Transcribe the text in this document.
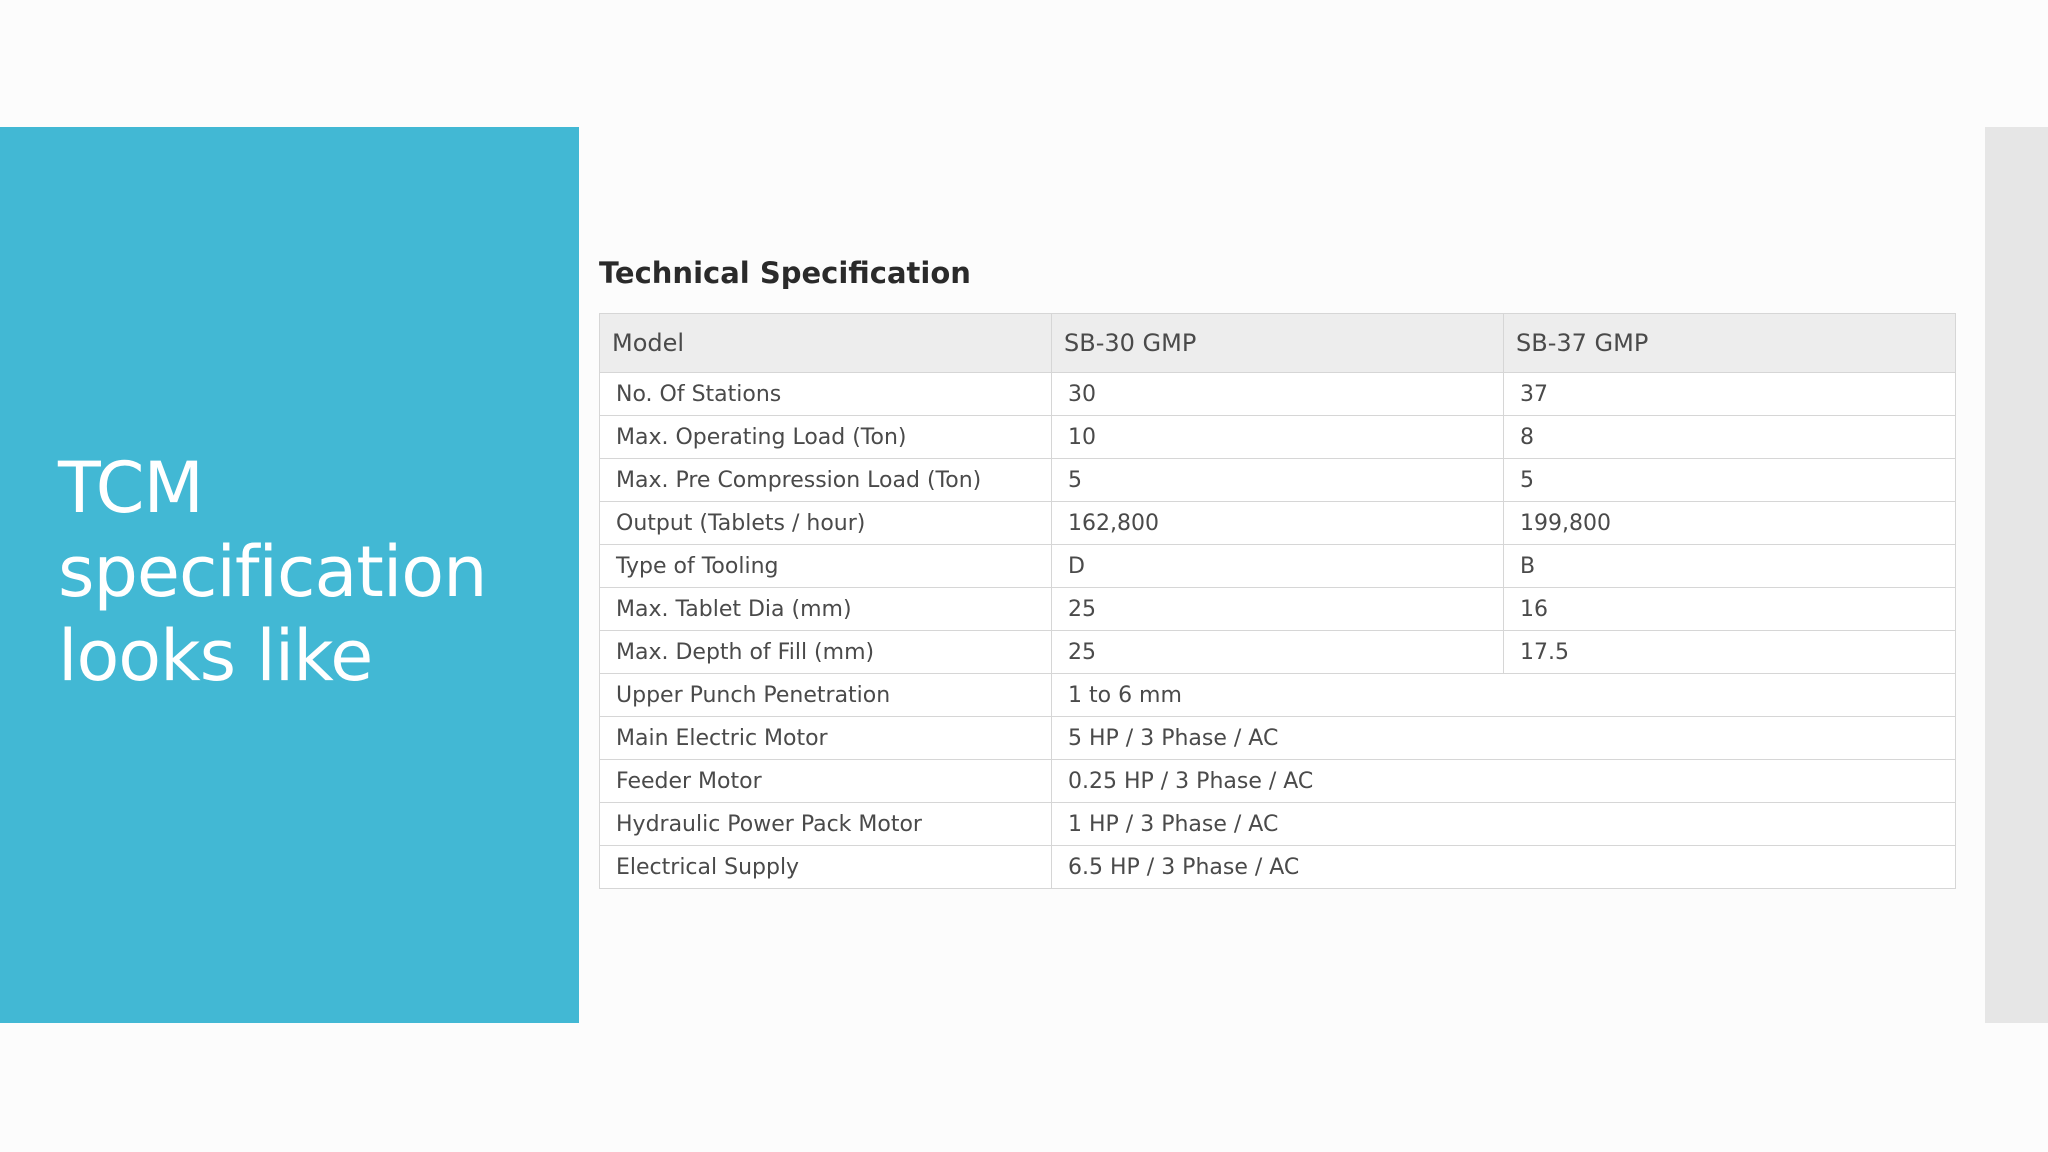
TCM
specification
looks like
Technical Specification
Model	SB-30 GMP	SB-37 GMP
No. Of Stations	30	37
Max. Operating Load (Ton)	10	8
Max. Pre Compression Load (Ton)	5	5
Output (Tablets / hour)	162,800	199,800
Type of Tooling	D	B
Max. Tablet Dia (mm)	25	16
Max. Depth of Fill (mm)	25	17.5
Upper Punch Penetration	1 to 6 mm	
Main Electric Motor	5 HP / 3 Phase / AC	
Feeder Motor	0.25 HP / 3 Phase / AC	
Hydraulic Power Pack Motor	1 HP / 3 Phase / AC	
Electrical Supply	6.5 HP / 3 Phase / AC	
